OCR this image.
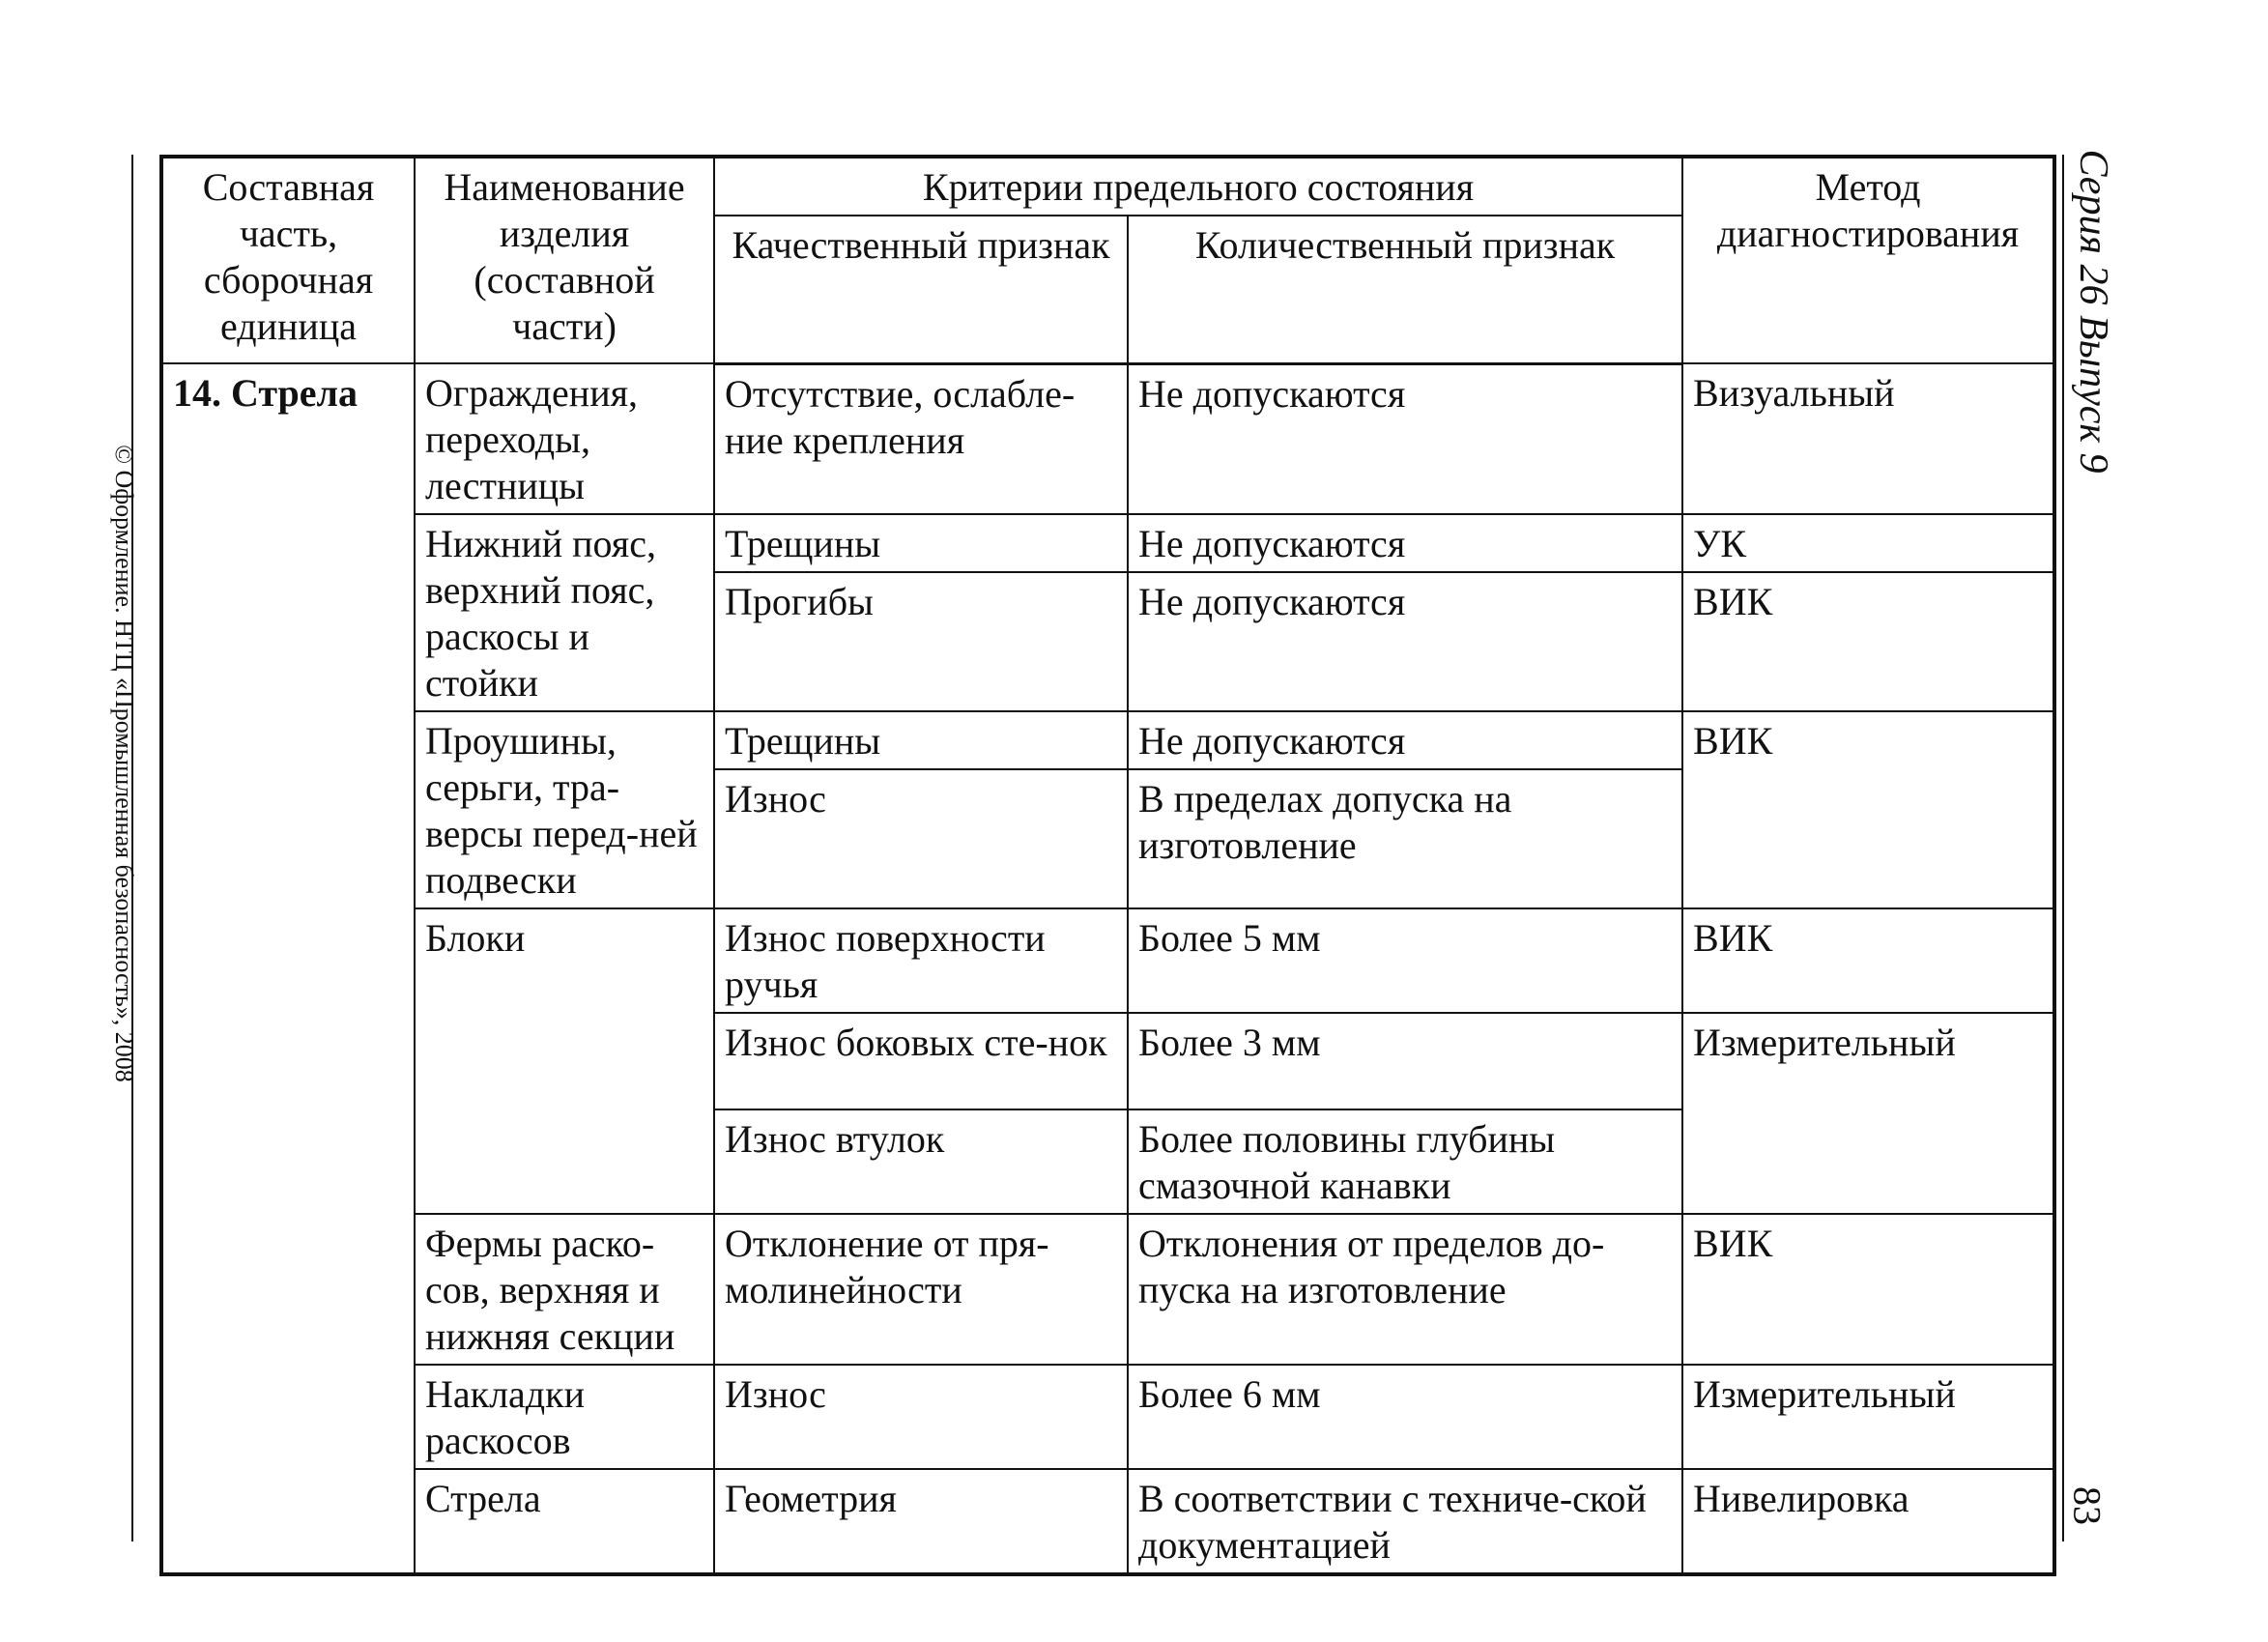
© Оформление. НТЦ «Промышленная безопасность», 2008
Серия 26 Выпуск 9
83
Составная часть, сборочная единица	Наименование изделия (составной части)	Критерии предельного состояния		Метод диагностирования
		Качественный признак	Количественный признак	
14. Стрела	Ограждения, переходы, лестницы	Отсутствие, ослабле-ние крепления	Не допускаются	Визуальный
	Нижний пояс, верхний пояс, раскосы и стойки	Трещины	Не допускаются	УК
		Прогибы	Не допускаются	ВИК
	Проушины, серьги, тра-версы перед-ней подвески	Трещины	Не допускаются	ВИК
		Износ	В пределах допуска на изготовление	
	Блоки	Износ поверхности ручья	Более 5 мм	ВИК
		Износ боковых сте-нок	Более 3 мм	Измерительный
		Износ втулок	Более половины глубины смазочной канавки	
	Фермы раско-сов, верхняя и нижняя секции	Отклонение от пря-молинейности	Отклонения от пределов до-пуска на изготовление	ВИК
	Накладки раскосов	Износ	Более 6 мм	Измерительный
	Стрела	Геометрия	В соответствии с техниче-ской документацией	Нивелировка
